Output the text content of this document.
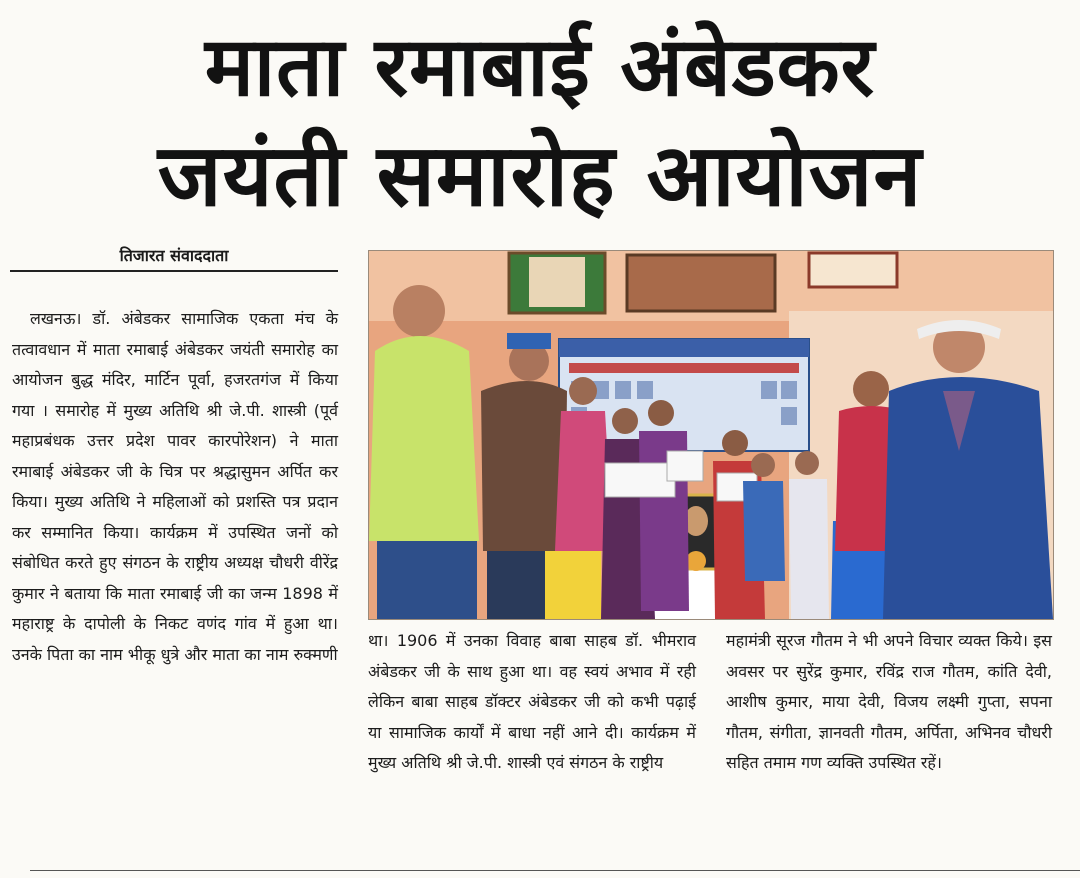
माता रमाबाई अंबेडकर
जयंती समारोह आयोजन
तिजारत संवाददाता

लखनऊ। डॉ. अंबेडकर सामाजिक एकता मंच के तत्वावधान में माता रमाबाई अंबेडकर जयंती समारोह का आयोजन बुद्ध मंदिर, मार्टिन पूर्वा, हजरतगंज में किया गया । समारोह में मुख्य अतिथि श्री जे.पी. शास्त्री (पूर्व महाप्रबंधक उत्तर प्रदेश पावर कारपोरेशन) ने माता रमाबाई अंबेडकर जी के चित्र पर श्रद्धासुमन अर्पित कर किया। मुख्य अतिथि ने महिलाओं को प्रशस्ति पत्र प्रदान कर सम्मानित किया। कार्यक्रम में उपस्थित जनों को संबोधित करते हुए संगठन के राष्ट्रीय अध्यक्ष चौधरी वीरेंद्र कुमार ने बताया कि माता रमाबाई जी का जन्म 1898 में महाराष्ट्र के दापोली के निकट वणंद गांव में हुआ था। उनके पिता का नाम भीकू धुत्रे और माता का नाम रुक्मणी

था। 1906 में उनका विवाह बाबा साहब डॉ. भीमराव अंबेडकर जी के साथ हुआ था। वह स्वयं अभाव में रही लेकिन बाबा साहब डॉक्टर अंबेडकर जी को कभी पढ़ाई या सामाजिक कार्यों में बाधा नहीं आने दी। कार्यक्रम में मुख्य अतिथि श्री जे.पी. शास्त्री एवं संगठन के राष्ट्रीय

महामंत्री सूरज गौतम ने भी अपने विचार व्यक्त किये। इस अवसर पर सुरेंद्र कुमार, रविंद्र राज गौतम, कांति देवी, आशीष कुमार, माया देवी, विजय लक्ष्मी गुप्ता, सपना गौतम, संगीता, ज्ञानवती गौतम, अर्पिता, अभिनव चौधरी सहित तमाम गण व्यक्ति उपस्थित रहें।
